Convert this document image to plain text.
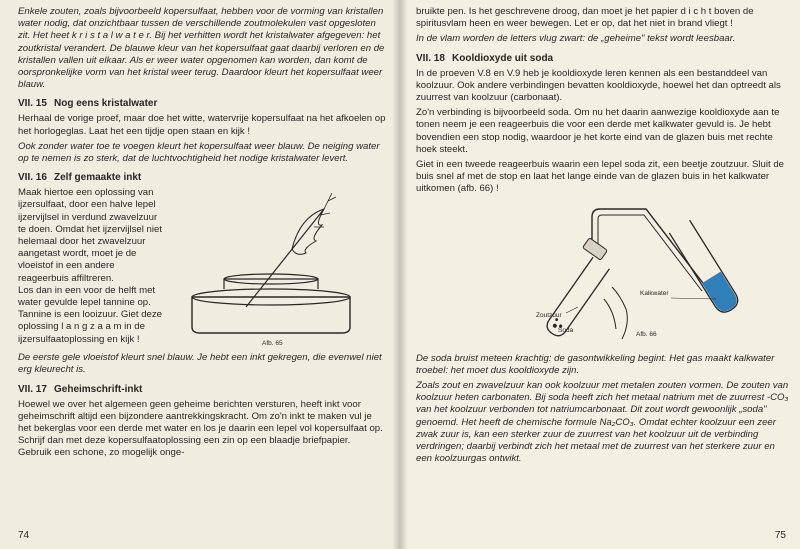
Enkele zouten, zoals bijvoorbeeld kopersulfaat, hebben voor de vorming van kristallen water nodig, dat onzichtbaar tussen de verschillende zoutmolekulen vast opgesloten zit. Het heet k r i s t a l w a t e r. Bij het verhitten wordt het kristalwater afgegeven: het zoutkristal verandert. De blauwe kleur van het kopersulfaat gaat daarbij verloren en de kristallen vallen uit elkaar. Als er weer water opgenomen kan worden, dan komt de oorspronkelijke vorm van het kristal weer terug. Daardoor kleurt het kopersulfaat weer blauw.

VII. 15 Nog eens kristalwater

Herhaal de vorige proef, maar doe het witte, watervrije kopersulfaat na het afkoelen op het horlogeglas. Laat het een tijdje open staan en kijk !

Ook zonder water toe te voegen kleurt het kopersulfaat weer blauw. De neiging water op te nemen is zo sterk, dat de luchtvochtigheid het nodige kristalwater levert.

VII. 16 Zelf gemaakte inkt

Maak hiertoe een oplossing van ijzersulfaat, door een halve lepel ijzervijlsel in verdund zwavelzuur te doen. Omdat het ijzervijlsel niet helemaal door het zwavelzuur aangetast wordt, moet je de vloeistof in een andere reageerbuis affiltreren.

Los dan in een voor de helft met water gevulde lepel tannine op. Tannine is een looizuur. Giet deze oplossing l a n g z a a m in de ijzersulfaatoplossing en kijk !	Afb. 65

De eerste gele vloeistof kleurt snel blauw. Je hebt een inkt gekregen, die evenwel niet erg kleurecht is.

VII. 17 Geheimschrift-inkt

Hoewel we over het algemeen geen geheime berichten versturen, heeft inkt voor geheimschrift altijd een bijzondere aantrekkingskracht. Om zo'n inkt te maken vul je het bekerglas voor een derde met water en los je daarin een lepel vol kopersulfaat op. Schrijf dan met deze kopersulfaatoplossing een zin op een blaadje briefpapier. Gebruik een schone, zo mogelijk onge-

74

bruikte pen. Is het geschrevene droog, dan moet je het papier d i c h t boven de spiritusvlam heen en weer bewegen. Let er op, dat het niet in brand vliegt !

In de vlam worden de letters vlug zwart: de „geheime" tekst wordt leesbaar.

VII. 18 Kooldioxyde uit soda

In de proeven V.8 en V.9 heb je kooldioxyde leren kennen als een bestanddeel van koolzuur. Ook andere verbindingen bevatten kooldioxyde, hoewel het dan optreedt als zuurrest van koolzuur (carbonaat).

Zo'n verbinding is bijvoorbeeld soda. Om nu het daarin aanwezige kooldioxyde aan te tonen neem je een reageerbuis die voor een derde met kalkwater gevuld is. Je hebt bovendien een stop nodig, waardoor je het korte eind van de glazen buis met rechte hoek steekt.

Giet in een tweede reageerbuis waarin een lepel soda zit, een beetje zoutzuur. Sluit de buis snel af met de stop en laat het lange einde van de glazen buis in het kalkwater uitkomen (afb. 66) !

Zoutzuur
Soda
Kalkwater
Afb. 66

De soda bruist meteen krachtig: de gasontwikkeling begint. Het gas maakt kalkwater troebel: het moet dus kooldioxyde zijn.

Zoals zout en zwavelzuur kan ook koolzuur met metalen zouten vormen. De zouten van koolzuur heten carbonaten. Bij soda heeft zich het metaal natrium met de zuurrest -CO₃ van het koolzuur verbonden tot natriumcarbonaat. Dit zout wordt gewoonlijk „soda" genoemd. Het heeft de chemische formule Na₂CO₃. Omdat echter koolzuur een zeer zwak zuur is, kan een sterker zuur de zuurrest van het koolzuur uit de verbinding verdringen; daarbij verbindt zich het metaal met de zuurrest van het sterkere zuur en een koolzuurgas ontwikt.

75
